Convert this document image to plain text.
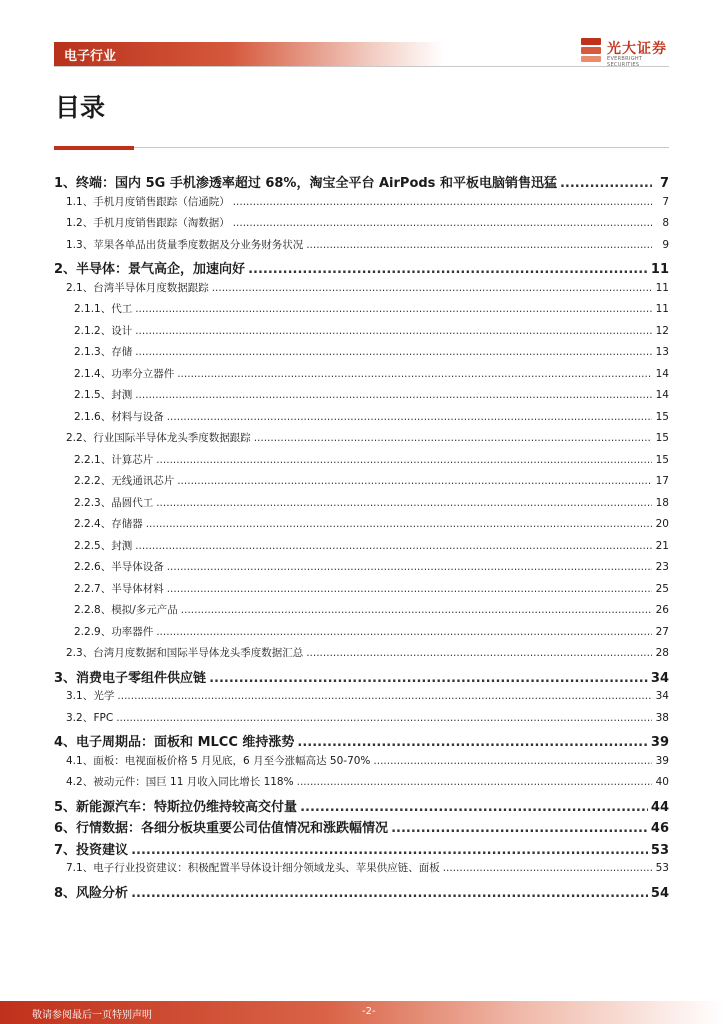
电子行业	光大证券
EVERBRIGHT SECURITIES
目录
1、 终端：国内 5G 手机渗透率超过 68%，淘宝全平台 AirPods 和平板电脑销售迅猛 .....	7
1.1、 手机月度销售跟踪（信通院） .....	7
1.2、 手机月度销售跟踪（淘数据） .....	8
1.3、 苹果各单品出货量季度数据及分业务财务状况 .....	9
2、 半导体：景气高企，加速向好 .....	11
2.1、 台湾半导体月度数据跟踪 .....	11
2.1.1、 代工 .....	11
2.1.2、 设计 .....	12
2.1.3、 存储 .....	13
2.1.4、 功率分立器件 .....	14
2.1.5、 封测 .....	14
2.1.6、 材料与设备 .....	15
2.2、 行业国际半导体龙头季度数据跟踪 .....	15
2.2.1、 计算芯片 .....	15
2.2.2、 无线通讯芯片 .....	17
2.2.3、 晶圆代工 .....	18
2.2.4、 存储器 .....	20
2.2.5、 封测 .....	21
2.2.6、 半导体设备 .....	23
2.2.7、 半导体材料 .....	25
2.2.8、 模拟/多元产品 .....	26
2.2.9、 功率器件 .....	27
2.3、 台湾月度数据和国际半导体龙头季度数据汇总 .....	28
3、 消费电子零组件供应链 .....	34
3.1、 光学 .....	34
3.2、 FPC .....	38
4、 电子周期品：面板和 MLCC 维持涨势 .....	39
4.1、 面板：电视面板价格 5 月见底，6 月至今涨幅高达 50-70% .....	39
4.2、 被动元件：国巨 11 月收入同比增长 118% .....	40
5、 新能源汽车：特斯拉仍维持较高交付量 .....	44
6、 行情数据：各细分板块重要公司估值情况和涨跌幅情况 .....	46
7、 投资建议 .....	53
7.1、 电子行业投资建议：积极配置半导体设计细分领域龙头、苹果供应链、面板 .....	53
8、 风险分析 .....	54
敬请参阅最后一页特别声明	-2-
